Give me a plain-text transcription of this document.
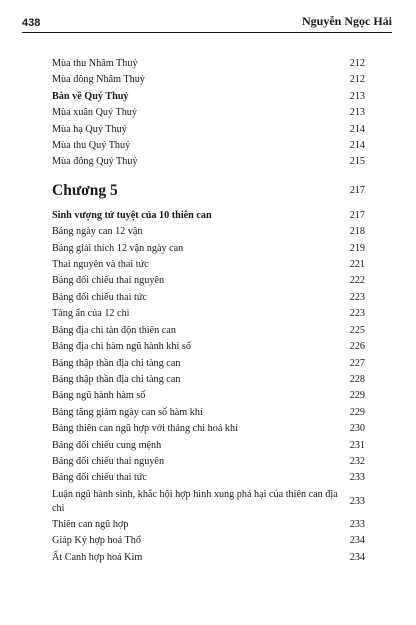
438	Nguyễn Ngọc Hải
Mùa thu Nhâm Thuỷ	212
Mùa đông Nhâm Thuỷ	212
Bàn về Quý Thuỷ	213
Mùa xuân Quý Thuỷ	213
Mùa hạ Quý Thuỷ	214
Mùa thu Quý Thuỷ	214
Mùa đông Quý Thuỷ	215
Chương 5	217
Sinh vượng tử tuyệt của 10 thiên can	217
Bảng ngày can 12 vận	218
Bảng giải thích 12 vận ngày can	219
Thai nguyên và thai tức	221
Bảng đối chiếu thai nguyên	222
Bảng đối chiếu thai tức	223
Tàng ẩn của 12 chi	223
Bảng địa chi tàn độn thiên can	225
Bảng địa chi hàm ngũ hành khí số	226
Bảng thập thần địa chi tàng can	227
Bảng thập thần địa chi tàng can	228
Bảng ngũ hành hàm số	229
Bảng tăng giảm ngày can số hàm khí	229
Bảng thiên can ngũ hợp với tháng chi hoá khí	230
Bảng đối chiếu cung mệnh	231
Bảng đối chiếu thai nguyên	232
Bảng đối chiếu thai tức	233
Luận ngũ hành sinh, khắc hội hợp hình xung phá hại của thiên can địa chi
233
Thiên can ngũ hợp	233
Giáp Kỷ hợp hoá Thổ	234
Ất Canh hợp hoá Kim	234
